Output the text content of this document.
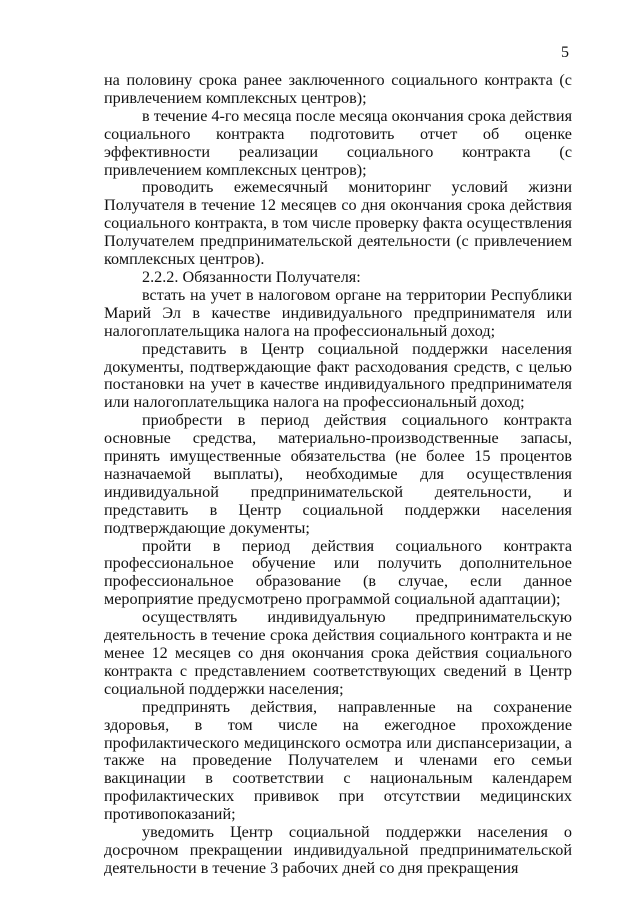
5

на половину срока ранее заключенного социального контракта (с привлечением комплексных центров);

в течение 4-го месяца после месяца окончания срока действия социального контракта подготовить отчет об оценке эффективности реализации социального контракта (с привлечением комплексных центров);

проводить ежемесячный мониторинг условий жизни Получателя в течение 12 месяцев со дня окончания срока действия социального контракта, в том числе проверку факта осуществления Получателем предпринимательской деятельности (с привлечением комплексных центров).

2.2.2. Обязанности Получателя:

встать на учет в налоговом органе на территории Республики Марий Эл в качестве индивидуального предпринимателя или налогоплательщика налога на профессиональный доход;

представить в Центр социальной поддержки населения документы, подтверждающие факт расходования средств, с целью постановки на учет в качестве индивидуального предпринимателя или налогоплательщика налога на профессиональный доход;

приобрести в период действия социального контракта основные средства, материально-производственные запасы, принять имущественные обязательства (не более 15 процентов назначаемой выплаты), необходимые для осуществления индивидуальной предпринимательской деятельности, и представить в Центр социальной поддержки населения подтверждающие документы;

пройти в период действия социального контракта профессиональное обучение или получить дополнительное профессиональное образование (в случае, если данное мероприятие предусмотрено программой социальной адаптации);

осуществлять индивидуальную предпринимательскую деятельность в течение срока действия социального контракта и не менее 12 месяцев со дня окончания срока действия социального контракта с представлением соответствующих сведений в Центр социальной поддержки населения;

предпринять действия, направленные на сохранение здоровья, в том числе на ежегодное прохождение профилактического медицинского осмотра или диспансеризации, а также на проведение Получателем и членами его семьи вакцинации в соответствии с национальным календарем профилактических прививок при отсутствии медицинских противопоказаний;

уведомить Центр социальной поддержки населения о досрочном прекращении индивидуальной предпринимательской деятельности в течение 3 рабочих дней со дня прекращения
